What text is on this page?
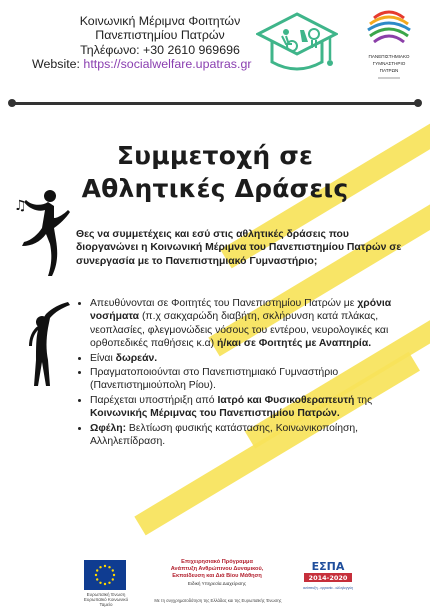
Κοινωνική Μέριμνα Φοιτητών
Πανεπιστημίου Πατρών
Τηλέφωνο: +30 2610 969696
Website: https://socialwelfare.upatras.gr
ΠΑΝΕΠΙΣΤΗΜΙΑΚΟ
ΓΥΜΝΑΣΤΗΡΙΟ
ΠΑΤΡΩΝ
Συμμετοχή σε
Αθλητικές Δράσεις
♫
Θες να συμμετέχεις και εσύ στις αθλητικές δράσεις που διοργανώνει η Κοινωνική Μέριμνα του Πανεπιστημίου Πατρών σε συνεργασία με το Πανεπιστημιακό Γυμναστήριο;
• Απευθύνονται σε Φοιτητές του Πανεπιστημίου Πατρών με χρόνια νοσήματα (π.χ σακχαρώδη διαβήτη, σκλήρυνση κατά πλάκας, νεοπλασίες, φλεγμονώδεις νόσους του εντέρου, νευρολογικές και ορθοπεδικές παθήσεις κ.α) ή/και σε Φοιτητές με Αναπηρία.
• Είναι δωρεάν.
• Πραγματοποιούνται στο Πανεπιστημιακό Γυμναστήριο (Πανεπιστημιούπολη Ρίου).
• Παρέχεται υποστήριξη από Ιατρό και Φυσικοθεραπευτή της Κοινωνικής Μέριμνας του Πανεπιστημίου Πατρών.
• Ωφέλη: Βελτίωση φυσικής κατάστασης, Κοινωνικοποίηση, Αλληλεπίδραση.
Ευρωπαϊκή Ένωση
Ευρωπαϊκό Κοινωνικό Ταμείο
Επιχειρησιακό Πρόγραμμα
Ανάπτυξη Ανθρώπινου Δυναμικού,
Εκπαίδευση και Διά Βίου Μάθηση
Ειδική Υπηρεσία Διαχείρισης
Με τη συγχρηματοδότηση της Ελλάδας και της Ευρωπαϊκής Ένωσης
ΕΣΠΑ
2014-2020
ανάπτυξη - εργασία - αλληλεγγύη
